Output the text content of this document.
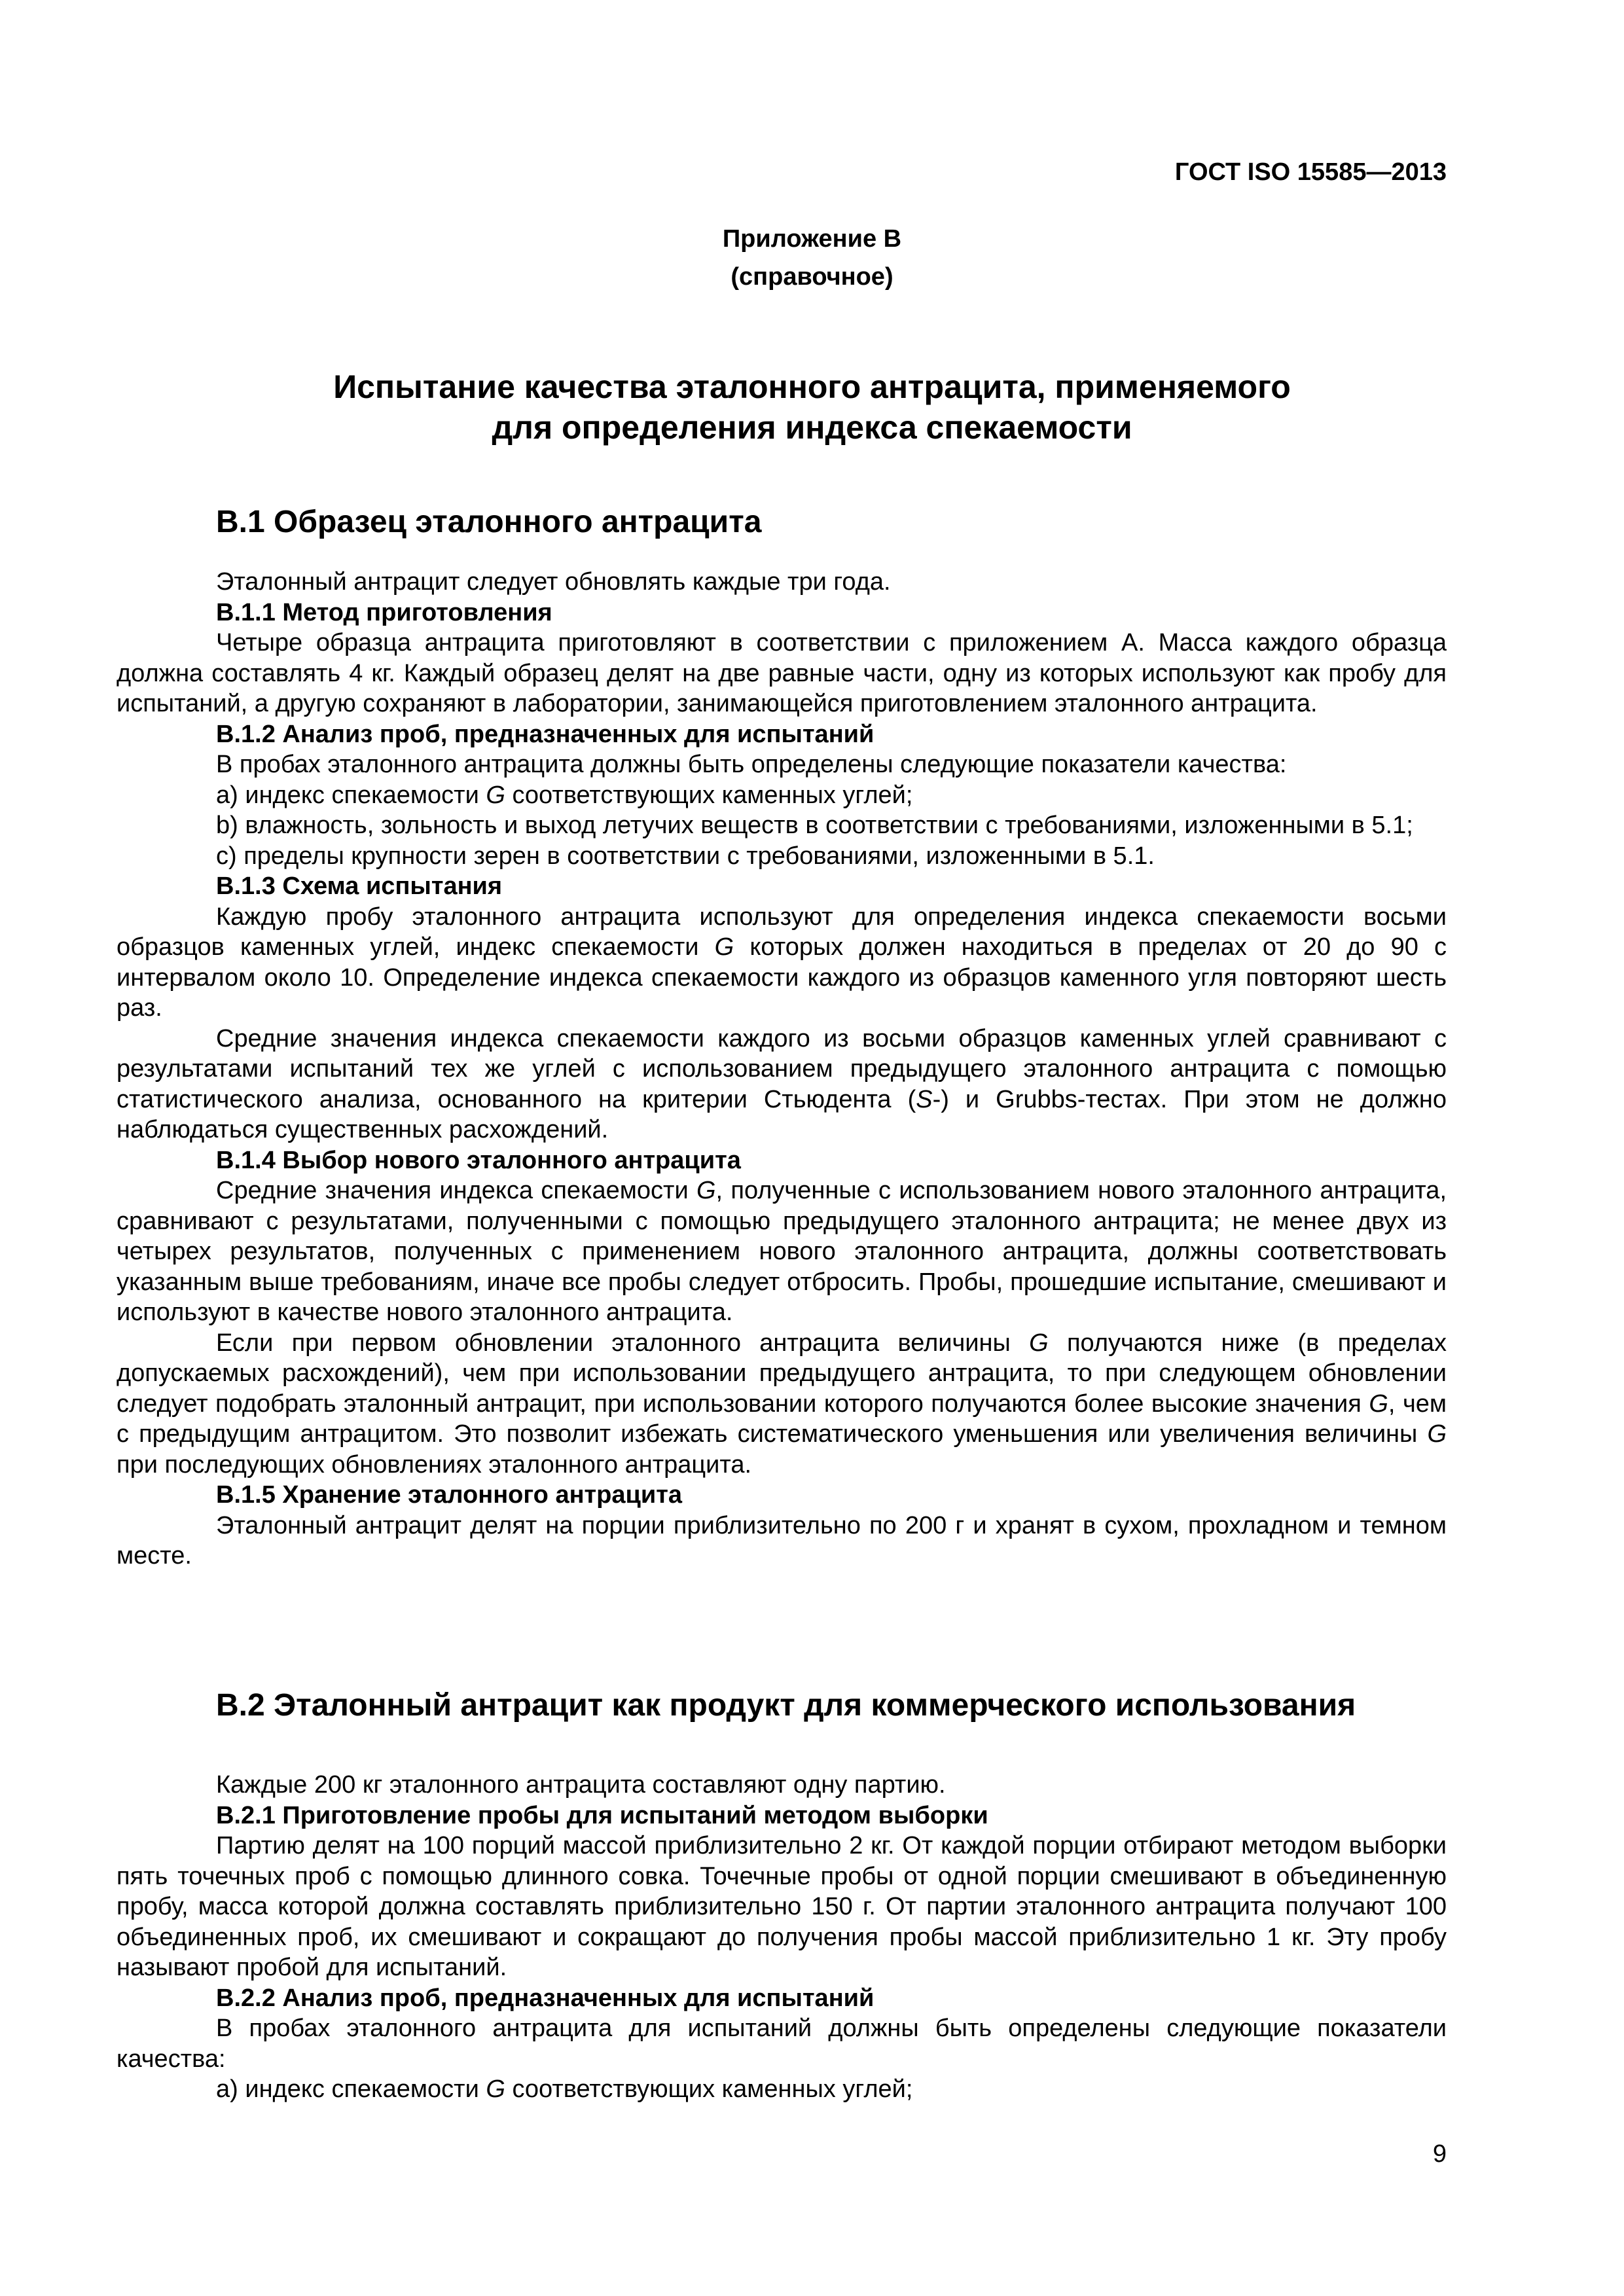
ГОСТ ISO 15585—2013
Приложение В
(справочное)
Испытание качества эталонного антрацита, применяемого
для определения индекса спекаемости
В.1 Образец эталонного антрацита

Эталонный антрацит следует обновлять каждые три года.

В.1.1 Метод приготовления

Четыре образца антрацита приготовляют в соответствии с приложением А. Масса каждого образца должна составлять 4 кг. Каждый образец делят на две равные части, одну из которых используют как пробу для испытаний, а другую сохраняют в лаборатории, занимающейся приготовлением эталонного антрацита.

В.1.2 Анализ проб, предназначенных для испытаний

В пробах эталонного антрацита должны быть определены следующие показатели качества:

а) индекс спекаемости G соответствующих каменных углей;

b) влажность, зольность и выход летучих веществ в соответствии с требованиями, изложенными в 5.1;

с) пределы крупности зерен в соответствии с требованиями, изложенными в 5.1.

В.1.3 Схема испытания

Каждую пробу эталонного антрацита используют для определения индекса спекаемости восьми образцов каменных углей, индекс спекаемости G которых должен находиться в пределах от 20 до 90 с интервалом около 10. Определение индекса спекаемости каждого из образцов каменного угля повторяют шесть раз.

Средние значения индекса спекаемости каждого из восьми образцов каменных углей сравнивают с результатами испытаний тех же углей с использованием предыдущего эталонного антрацита с помощью статистического анализа, основанного на критерии Стьюдента (S-) и Grubbs-тестах. При этом не должно наблюдаться существенных расхождений.

В.1.4 Выбор нового эталонного антрацита

Средние значения индекса спекаемости G, полученные с использованием нового эталонного антрацита, сравнивают с результатами, полученными с помощью предыдущего эталонного антрацита; не менее двух из четырех результатов, полученных с применением нового эталонного антрацита, должны соответствовать указанным выше требованиям, иначе все пробы следует отбросить. Пробы, прошедшие испытание, смешивают и используют в качестве нового эталонного антрацита.

Если при первом обновлении эталонного антрацита величины G получаются ниже (в пределах допускаемых расхождений), чем при использовании предыдущего антрацита, то при следующем обновлении следует подобрать эталонный антрацит, при использовании которого получаются более высокие значения G, чем с предыдущим антрацитом. Это позволит избежать систематического уменьшения или увеличения величины G при последующих обновлениях эталонного антрацита.

В.1.5 Хранение эталонного антрацита

Эталонный антрацит делят на порции приблизительно по 200 г и хранят в сухом, прохладном и темном месте.

В.2 Эталонный антрацит как продукт для коммерческого использования

Каждые 200 кг эталонного антрацита составляют одну партию.

В.2.1 Приготовление пробы для испытаний методом выборки

Партию делят на 100 порций массой приблизительно 2 кг. От каждой порции отбирают методом выборки пять точечных проб с помощью длинного совка. Точечные пробы от одной порции смешивают в объединенную пробу, масса которой должна составлять приблизительно 150 г. От партии эталонного антрацита получают 100 объединенных проб, их смешивают и сокращают до получения пробы массой приблизительно 1 кг. Эту пробу называют пробой для испытаний.

В.2.2 Анализ проб, предназначенных для испытаний

В пробах эталонного антрацита для испытаний должны быть определены следующие показатели качества:

а) индекс спекаемости G соответствующих каменных углей;

9
